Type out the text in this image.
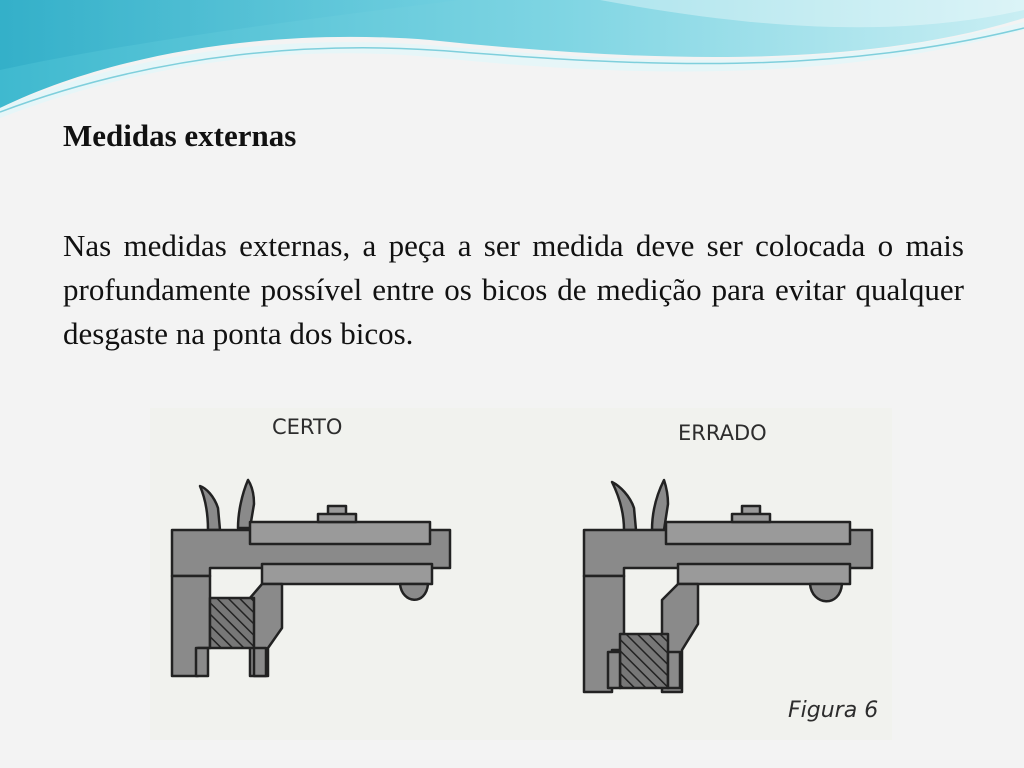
Medidas externas
Nas medidas externas, a peça a ser medida deve ser colocada o mais profundamente possível entre os bicos de medição para evitar qualquer desgaste na ponta dos bicos.
CERTO	ERRADO
Figura 6
